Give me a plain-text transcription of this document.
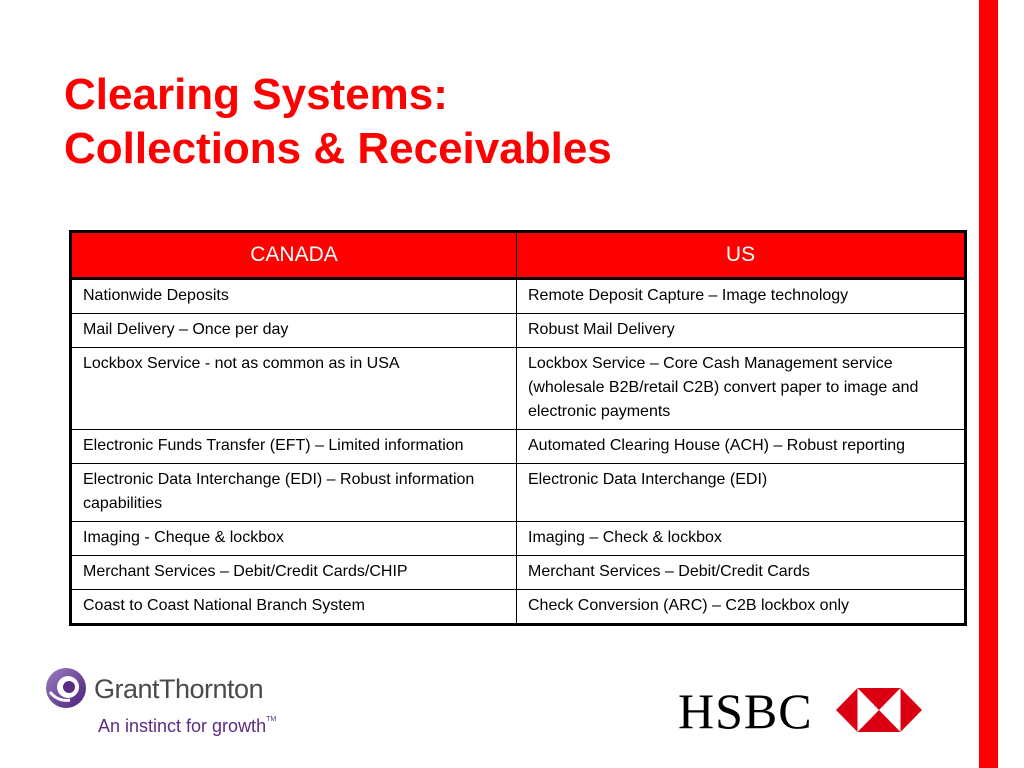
Clearing Systems:
Collections & Receivables
CANADA	US
Nationwide Deposits	Remote Deposit Capture – Image technology
Mail Delivery – Once per day	Robust Mail Delivery
Lockbox Service - not as common as in USA	Lockbox Service – Core Cash Management service (wholesale B2B/retail C2B) convert paper to image and electronic payments
Electronic Funds Transfer (EFT) – Limited information	Automated Clearing House (ACH) – Robust reporting
Electronic Data Interchange (EDI) – Robust information capabilities	Electronic Data Interchange (EDI)
Imaging - Cheque & lockbox	Imaging – Check & lockbox
Merchant Services – Debit/Credit Cards/CHIP	Merchant Services – Debit/Credit Cards
Coast to Coast National Branch System	Check Conversion (ARC) – C2B lockbox only
GrantThornton
An instinct for growth™	HSBC
